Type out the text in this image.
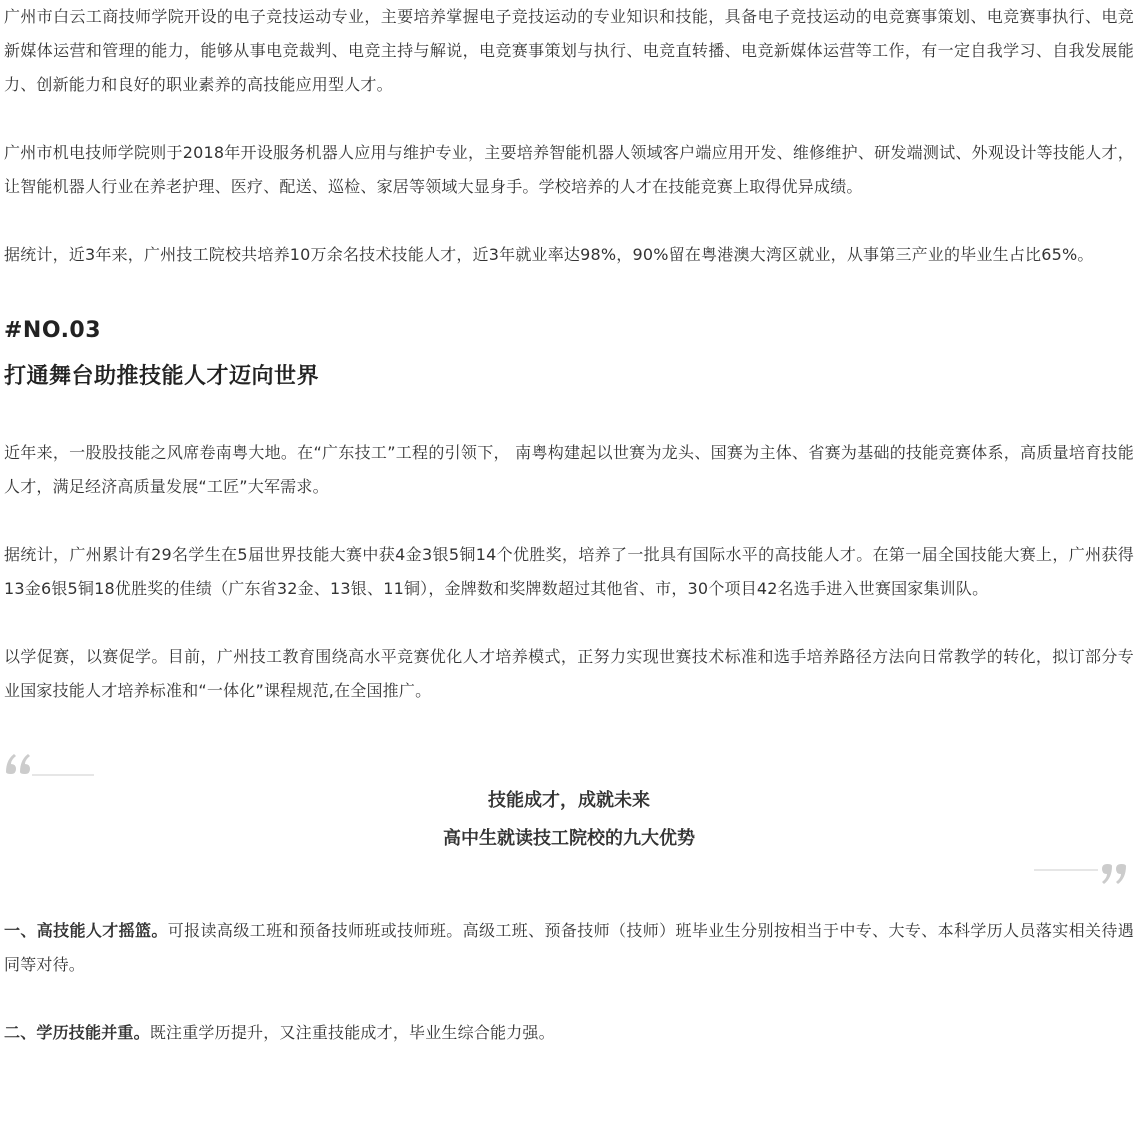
广州市白云工商技师学院开设的电子竞技运动专业，主要培养掌握电子竞技运动的专业知识和技能，具备电子竞技运动的电竞赛事策划、电竞赛事执行、电竞新媒体运营和管理的能力，能够从事电竞裁判、电竞主持与解说，电竞赛事策划与执行、电竞直转播、电竞新媒体运营等工作，有一定自我学习、自我发展能力、创新能力和良好的职业素养的高技能应用型人才。

广州市机电技师学院则于2018年开设服务机器人应用与维护专业，主要培养智能机器人领域客户端应用开发、维修维护、研发端测试、外观设计等技能人才，让智能机器人行业在养老护理、医疗、配送、巡检、家居等领域大显身手。学校培养的人才在技能竞赛上取得优异成绩。

据统计，近3年来，广州技工院校共培养10万余名技术技能人才，近3年就业率达98%，90%留在粤港澳大湾区就业，从事第三产业的毕业生占比65%。

#NO.03
打通舞台助推技能人才迈向世界

近年来，一股股技能之风席卷南粤大地。在“广东技工”工程的引领下， 南粤构建起以世赛为龙头、国赛为主体、省赛为基础的技能竞赛体系，高质量培育技能人才，满足经济高质量发展“工匠”大军需求。

据统计，广州累计有29名学生在5届世界技能大赛中获4金3银5铜14个优胜奖，培养了一批具有国际水平的高技能人才。在第一届全国技能大赛上，广州获得13金6银5铜18优胜奖的佳绩（广东省32金、13银、11铜），金牌数和奖牌数超过其他省、市，30个项目42名选手进入世赛国家集训队。

以学促赛，以赛促学。目前，广州技工教育围绕高水平竞赛优化人才培养模式，正努力实现世赛技术标准和选手培养路径方法向日常教学的转化，拟订部分专业国家技能人才培养标准和“一体化”课程规范,在全国推广。

技能成才，成就未来

高中生就读技工院校的九大优势

一、高技能人才摇篮。可报读高级工班和预备技师班或技师班。高级工班、预备技师（技师）班毕业生分别按相当于中专、大专、本科学历人员落实相关待遇同等对待。

二、学历技能并重。既注重学历提升，又注重技能成才，毕业生综合能力强。
